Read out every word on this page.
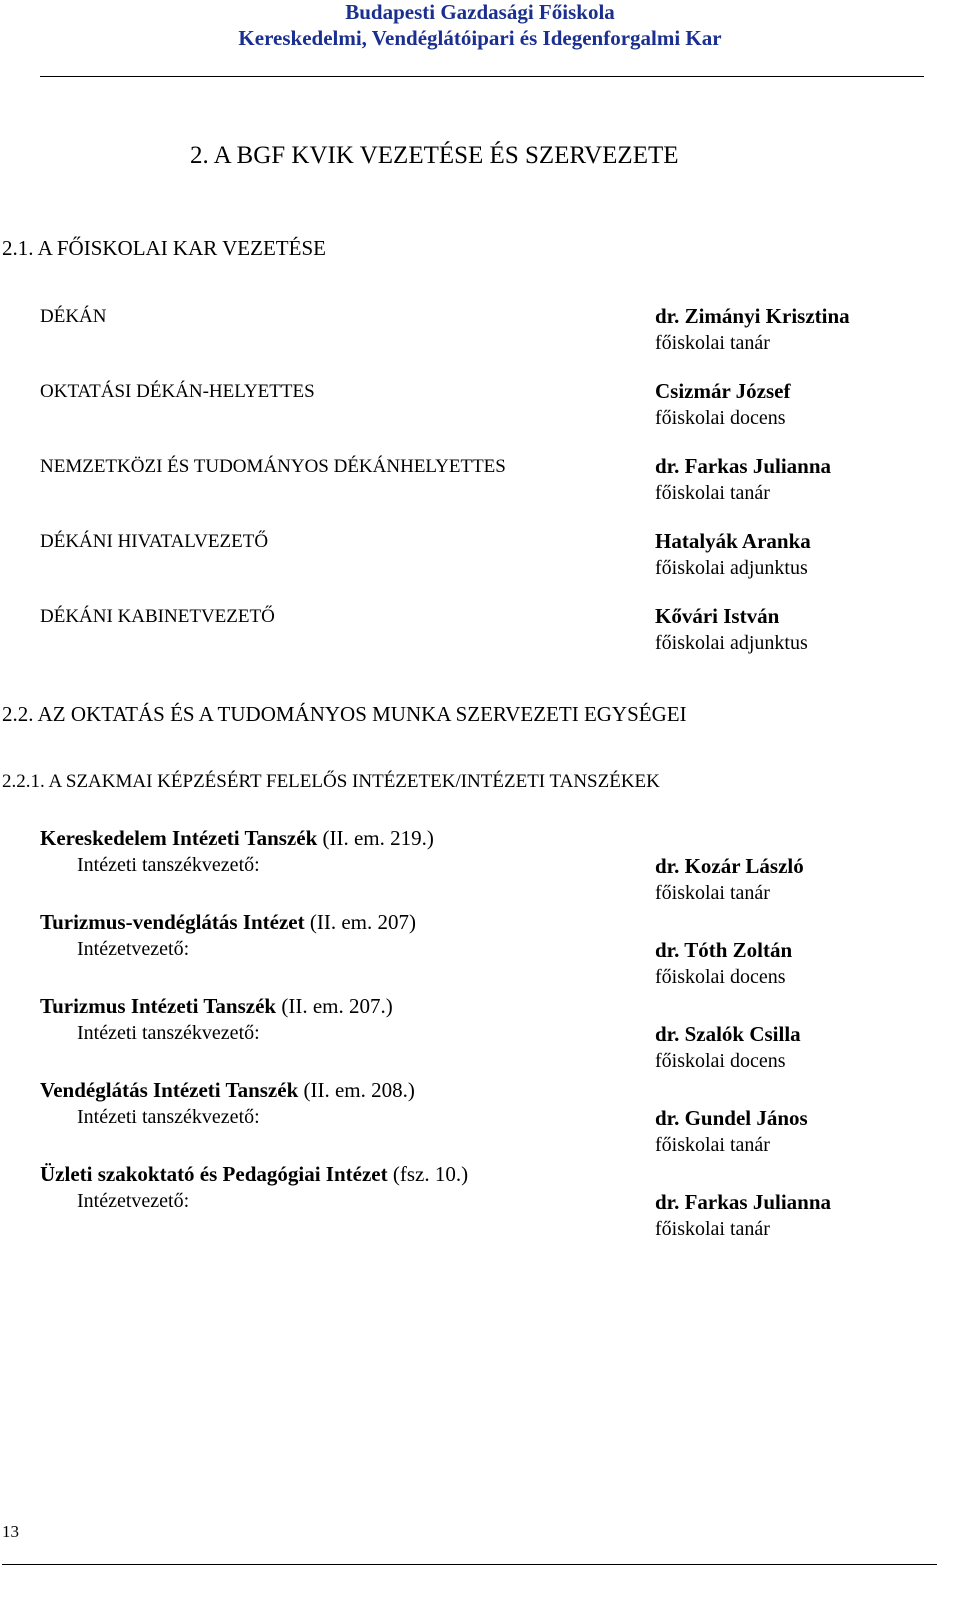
Budapesti Gazdasági Főiskola
Kereskedelmi, Vendéglátóipari és Idegenforgalmi Kar
2. A BGF KVIK VEZETÉSE ÉS SZERVEZETE
2.1. A FŐISKOLAI KAR VEZETÉSE
DÉKÁN	dr. Zimányi Krisztina
főiskolai tanár
OKTATÁSI DÉKÁN-HELYETTES	Csizmár József
főiskolai docens
NEMZETKÖZI ÉS TUDOMÁNYOS DÉKÁNHELYETTES	dr. Farkas Julianna
főiskolai tanár
DÉKÁNI HIVATALVEZETŐ	Hatalyák Aranka
főiskolai adjunktus
DÉKÁNI KABINETVEZETŐ	Kővári István
főiskolai adjunktus
2.2. AZ OKTATÁS ÉS A TUDOMÁNYOS MUNKA SZERVEZETI EGYSÉGEI
2.2.1. A SZAKMAI KÉPZÉSÉRT FELELŐS INTÉZETEK/INTÉZETI TANSZÉKEK
Kereskedelem Intézeti Tanszék (II. em. 219.)
Intézeti tanszékvezető:	dr. Kozár László
főiskolai tanár
Turizmus-vendéglátás Intézet (II. em. 207)
Intézetvezető:	dr. Tóth Zoltán
főiskolai docens
Turizmus Intézeti Tanszék (II. em. 207.)
Intézeti tanszékvezető:	dr. Szalók Csilla
főiskolai docens
Vendéglátás Intézeti Tanszék (II. em. 208.)
Intézeti tanszékvezető:	dr. Gundel János
főiskolai tanár
Üzleti szakoktató és Pedagógiai Intézet (fsz. 10.)
Intézetvezető:	dr. Farkas Julianna
főiskolai tanár
13
